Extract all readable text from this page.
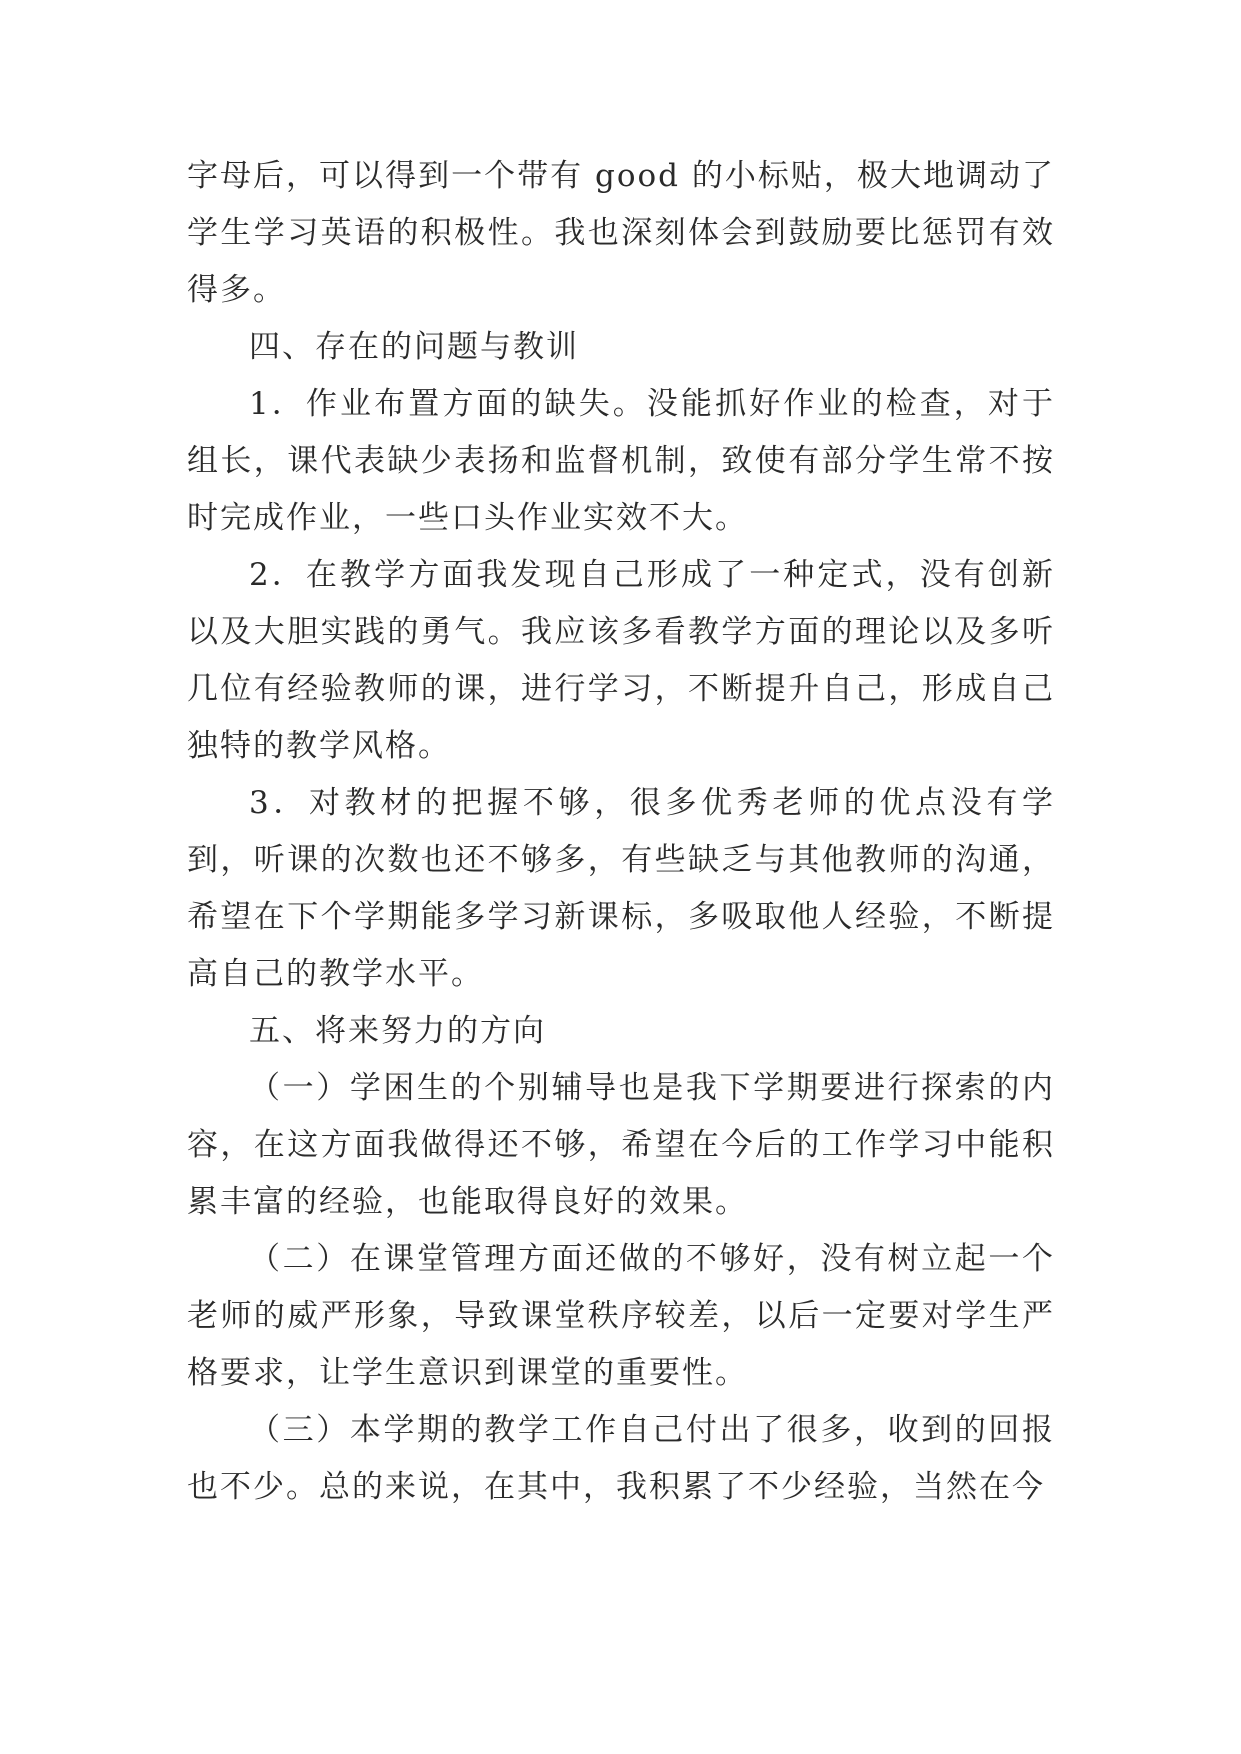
字母后，可以得到一个带有 good 的小标贴，极大地调动了学生学习英语的积极性。我也深刻体会到鼓励要比惩罚有效得多。

四、存在的问题与教训

1．作业布置方面的缺失。没能抓好作业的检查，对于组长，课代表缺少表扬和监督机制，致使有部分学生常不按时完成作业，一些口头作业实效不大。

2．在教学方面我发现自己形成了一种定式，没有创新以及大胆实践的勇气。我应该多看教学方面的理论以及多听几位有经验教师的课，进行学习，不断提升自己，形成自己独特的教学风格。

3．对教材的把握不够，很多优秀老师的优点没有学到，听课的次数也还不够多，有些缺乏与其他教师的沟通，希望在下个学期能多学习新课标，多吸取他人经验，不断提高自己的教学水平。

五、将来努力的方向

（一）学困生的个别辅导也是我下学期要进行探索的内容，在这方面我做得还不够，希望在今后的工作学习中能积累丰富的经验，也能取得良好的效果。

（二）在课堂管理方面还做的不够好，没有树立起一个老师的威严形象，导致课堂秩序较差，以后一定要对学生严格要求，让学生意识到课堂的重要性。

（三）本学期的教学工作自己付出了很多，收到的回报也不少。总的来说，在其中，我积累了不少经验，当然在今
